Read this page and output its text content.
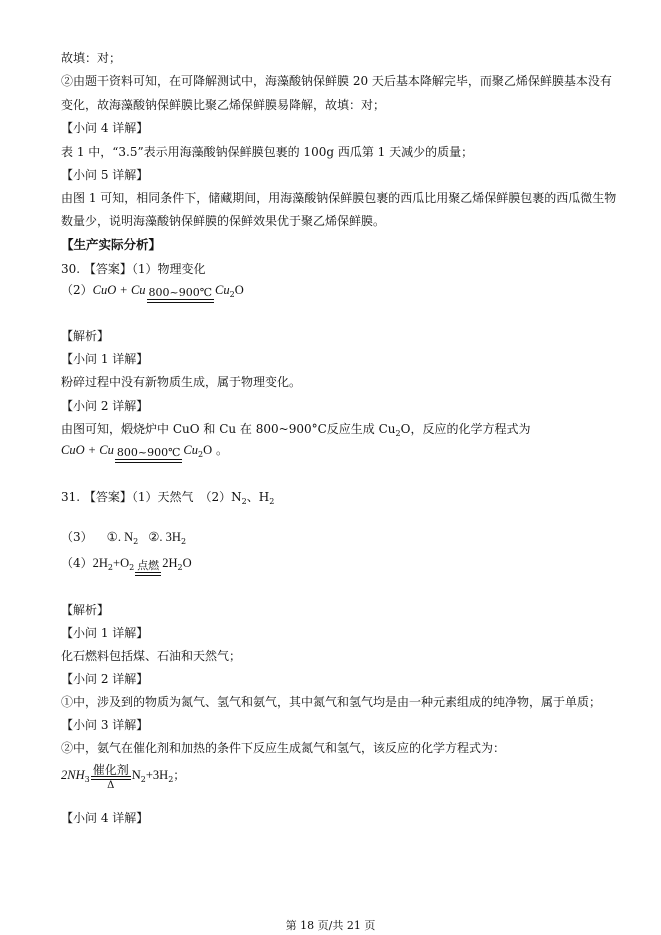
故填：对；
②由题干资料可知，在可降解测试中，海藻酸钠保鲜膜 20 天后基本降解完毕，而聚乙烯保鲜膜基本没有
变化，故海藻酸钠保鲜膜比聚乙烯保鲜膜易降解，故填：对；
【小问 4 详解】
表 1 中，“3.5”表示用海藻酸钠保鲜膜包裹的 100g 西瓜第 1 天减少的质量；
【小问 5 详解】
由图 1 可知，相同条件下，储藏期间，用海藻酸钠保鲜膜包裹的西瓜比用聚乙烯保鲜膜包裹的西瓜微生物
数量少，说明海藻酸钠保鲜膜的保鲜效果优于聚乙烯保鲜膜。
【生产实际分析】
30. 【答案】（1）物理变化
（2）CuO + Cu 800~900℃ $Cu_2O$
【解析】
【小问 1 详解】
粉碎过程中没有新物质生成，属于物理变化。
【小问 2 详解】
由图可知，煅烧炉中 CuO 和 Cu 在 800~900°C反应生成 $Cu_2O$，反应的化学方程式为
CuO + Cu 800~900℃ $Cu_2O$ 。
31. 【答案】（1）天然气　$(2)N_2$、$H_2$
（3） ①. $N_2$ ②. $3H_2$
$(4)2H_2+O_2$ 点燃 $2H_2O$
【解析】
【小问 1 详解】
化石燃料包括煤、石油和天然气；
【小问 2 详解】
①中，涉及到的物质为氮气、氢气和氨气，其中氮气和氢气均是由一种元素组成的纯净物，属于单质；
【小问 3 详解】
②中，氨气在催化剂和加热的条件下反应生成氮气和氢气，该反应的化学方程式为：
$2NH_3$
催化剂
Δ
$N_2+3H_2$；
【小问 4 详解】
第 18 页/共 21 页
